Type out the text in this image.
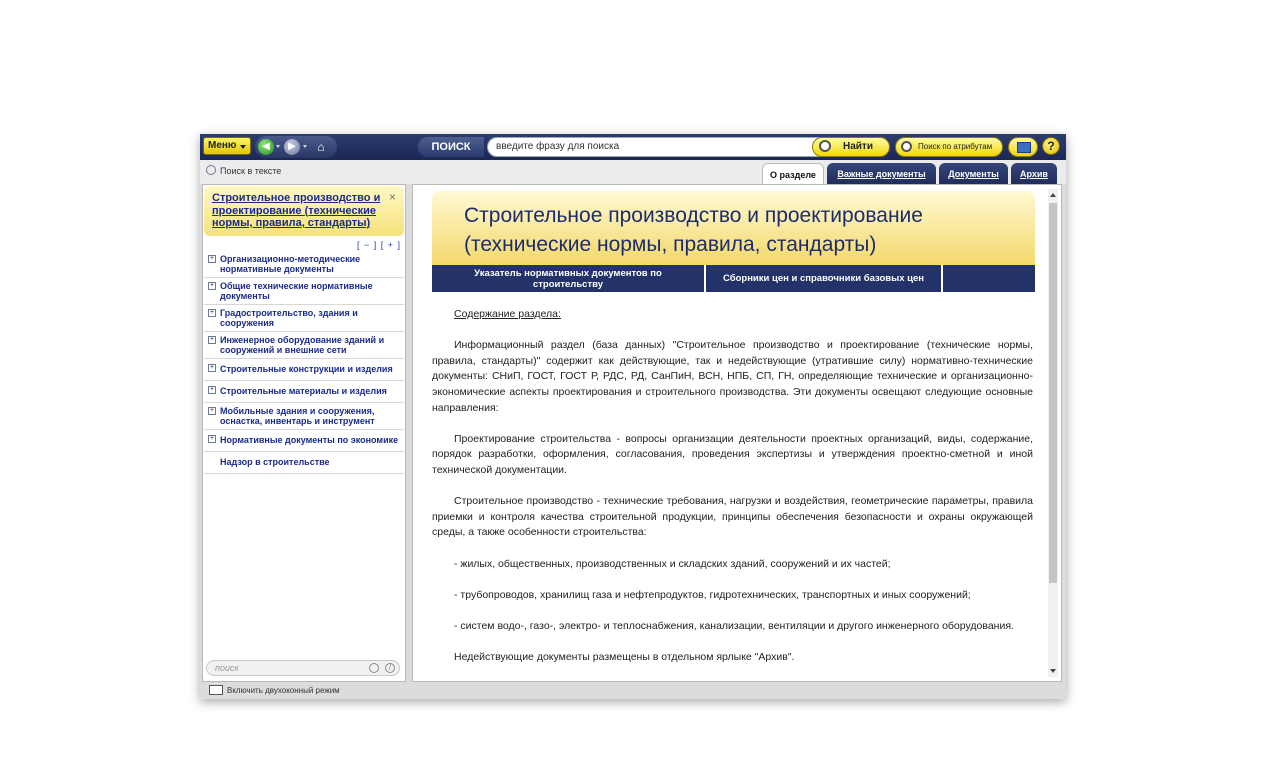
Меню	◀	▶	⌂	ПОИСК	введите фразу для поиска	Найти	Поиск по атрибутам	?
Поиск в тексте	О разделе	Важные документы	Документы	Архив
Строительное производство и проектирование (технические нормы, правила, стандарты)
×
[ − ] [ + ]
+ Организационно-методические нормативные документы
+ Общие технические нормативные документы
+ Градостроительство, здания и сооружения
+ Инженерное оборудование зданий и сооружений и внешние сети
+ Строительные конструкции и изделия
+ Строительные материалы и изделия
+ Мобильные здания и сооружения, оснастка, инвентарь и инструмент
+ Нормативные документы по экономике
Надзор в строительстве
поиск	/
Строительное производство и проектирование (технические нормы, правила, стандарты)
Указатель нормативных документов по строительству	Сборники цен и справочники базовых цен

Содержание раздела:

Информационный раздел (база данных) "Строительное производство и проектирование (технические нормы, правила, стандарты)" содержит как действующие, так и недействующие (утратившие силу) нормативно-технические документы: СНиП, ГОСТ, ГОСТ Р, РДС, РД, СанПиН, ВСН, НПБ, СП, ГН, определяющие технические и организационно-экономические аспекты проектирования и строительного производства. Эти документы освещают следующие основные направления:

Проектирование строительства - вопросы организации деятельности проектных организаций, виды, содержание, порядок разработки, оформления, согласования, проведения экспертизы и утверждения проектно-сметной и иной технической документации.

Строительное производство - технические требования, нагрузки и воздействия, геометрические параметры, правила приемки и контроля качества строительной продукции, принципы обеспечения безопасности и охраны окружающей среды, а также особенности строительства:

- жилых, общественных, производственных и складских зданий, сооружений и их частей;

- трубопроводов, хранилищ газа и нефтепродуктов, гидротехнических, транспортных и иных сооружений;

- систем водо-, газо-, электро- и теплоснабжения, канализации, вентиляции и другого инженерного оборудования.

Недействующие документы размещены в отдельном ярлыке "Архив".

Включить двухоконный режим
